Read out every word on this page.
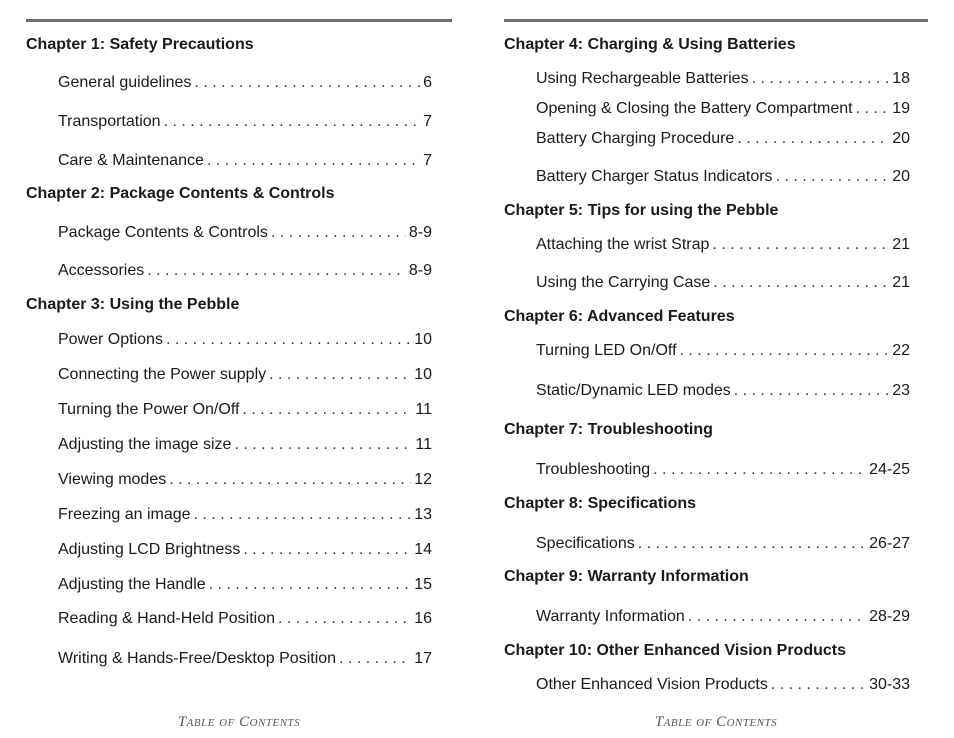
Chapter 1: Safety Precautions
General guidelines . . .	6
Transportation . . .	7
Care & Maintenance . . .	7
Chapter 2: Package Contents & Controls
Package Contents & Controls . . .	8-9
Accessories . . .	8-9
Chapter 3: Using the Pebble
Power Options . . .	10
Connecting the Power supply . . .	10
Turning the Power On/Off . . .	11
Adjusting the image size . . .	11
Viewing modes . . .	12
Freezing an image . . .	13
Adjusting LCD Brightness . . .	14
Adjusting the Handle . . .	15
Reading & Hand-Held Position . . .	16
Writing & Hands-Free/Desktop Position . . .	17
Table of Contents
Chapter 4: Charging & Using Batteries
Using Rechargeable Batteries . . .	18
Opening & Closing the Battery Compartment . . . 19
Battery Charging Procedure . . .	20
Battery Charger Status Indicators . . .	20
Chapter 5: Tips for using the Pebble
Attaching the wrist Strap . . .	21
Using the Carrying Case . . .	21
Chapter 6: Advanced Features
Turning LED On/Off . . .	22
Static/Dynamic LED modes . . .	23
Chapter 7: Troubleshooting
Troubleshooting . . .	24-25
Chapter 8: Specifications
Specifications . . .	26-27
Chapter 9: Warranty Information
Warranty Information . . .	28-29
Chapter 10: Other Enhanced Vision Products
Other Enhanced Vision Products . . .	30-33
Table of Contents
